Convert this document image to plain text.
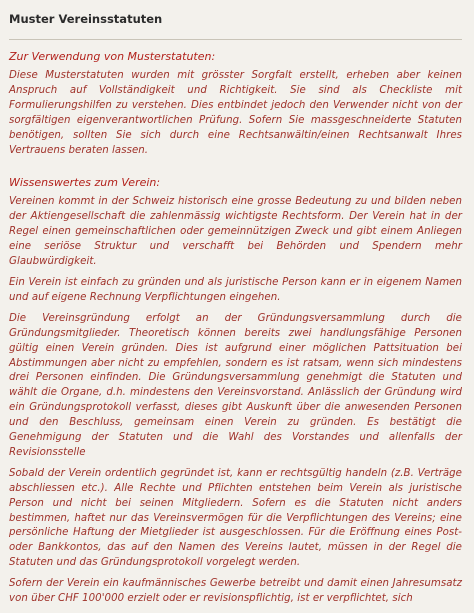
Muster Vereinsstatuten

Zur Verwendung von Musterstatuten:

Diese Musterstatuten wurden mit grösster Sorgfalt erstellt, erheben aber keinen Anspruch auf Vollständigkeit und Richtigkeit. Sie sind als Checkliste mit Formulierungshilfen zu verstehen. Dies entbindet jedoch den Verwender nicht von der sorgfältigen eigenverantwortlichen Prüfung. Sofern Sie massgeschneiderte Statuten benötigen, sollten Sie sich durch eine Rechtsanwältin/einen Rechtsanwalt Ihres Vertrauens beraten lassen.

Wissenswertes zum Verein:

Vereinen kommt in der Schweiz historisch eine grosse Bedeutung zu und bilden neben der Aktiengesellschaft die zahlenmässig wichtigste Rechtsform. Der Verein hat in der Regel einen gemeinschaftlichen oder gemeinnützigen Zweck und gibt einem Anliegen eine seriöse Struktur und verschafft bei Behörden und Spendern mehr Glaubwürdigkeit.

Ein Verein ist einfach zu gründen und als juristische Person kann er in eigenem Namen und auf eigene Rechnung Verpflichtungen eingehen.

Die Vereinsgründung erfolgt an der Gründungsversammlung durch die Gründungsmitglieder. Theoretisch können bereits zwei handlungsfähige Personen gültig einen Verein gründen. Dies ist aufgrund einer möglichen Pattsituation bei Abstimmungen aber nicht zu empfehlen, sondern es ist ratsam, wenn sich mindestens drei Personen einfinden. Die Gründungsversammlung genehmigt die Statuten und wählt die Organe, d.h. mindestens den Vereinsvorstand. Anlässlich der Gründung wird ein Gründungsprotokoll verfasst, dieses gibt Auskunft über die anwesenden Personen und den Beschluss, gemeinsam einen Verein zu gründen. Es bestätigt die Genehmigung der Statuten und die Wahl des Vorstandes und allenfalls der Revisionsstelle

Sobald der Verein ordentlich gegründet ist, kann er rechtsgültig handeln (z.B. Verträge abschliessen etc.). Alle Rechte und Pflichten entstehen beim Verein als juristische Person und nicht bei seinen Mitgliedern. Sofern es die Statuten nicht anders bestimmen, haftet nur das Vereinsvermögen für die Verpflichtungen des Vereins; eine persönliche Haftung der Mietglieder ist ausgeschlossen. Für die Eröffnung eines Post- oder Bankkontos, das auf den Namen des Vereins lautet, müssen in der Regel die Statuten und das Gründungsprotokoll vorgelegt werden.

Sofern der Verein ein kaufmännisches Gewerbe betreibt und damit einen Jahresumsatz von über CHF 100'000 erzielt oder er revisionspflichtig, ist er verpflichtet, sich
